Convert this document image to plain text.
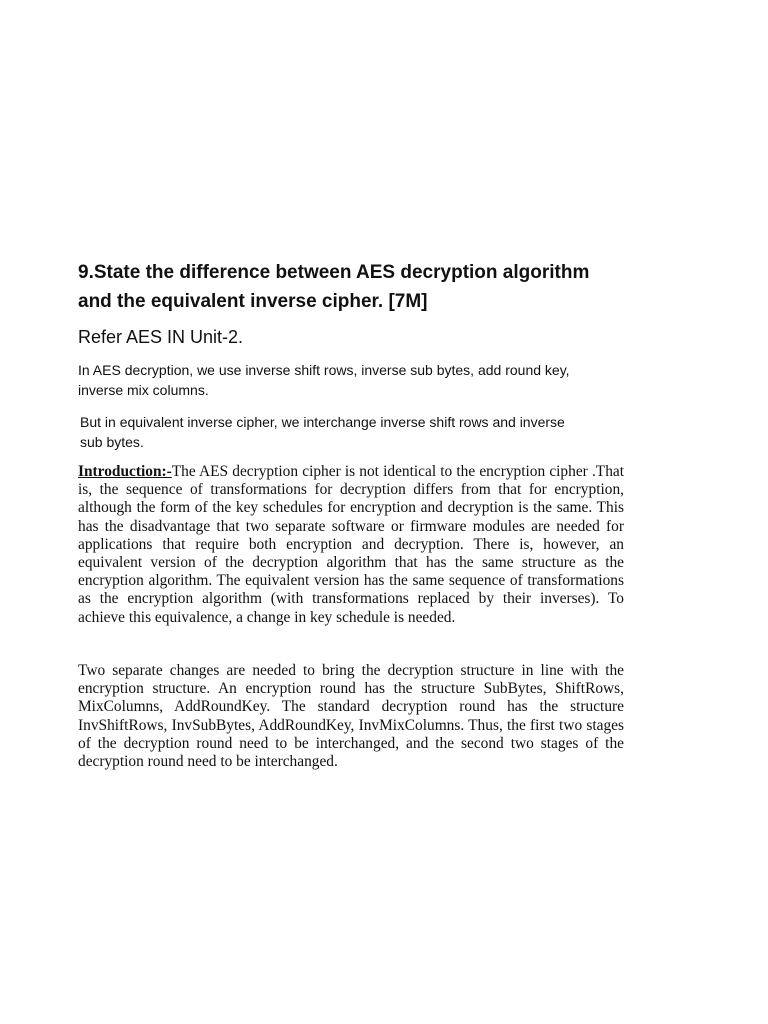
9.State the difference between AES decryption algorithm
and the equivalent inverse cipher. [7M]

Refer AES IN Unit-2.

In AES decryption, we use inverse shift rows, inverse sub bytes, add round key,
inverse mix columns.

But in equivalent inverse cipher, we interchange inverse shift rows and inverse
sub bytes.

Introduction:-The AES decryption cipher is not identical to the encryption cipher .That is, the sequence of transformations for decryption differs from that for encryption, although the form of the key schedules for encryption and decryption is the same. This has the disadvantage that two separate software or firmware modules are needed for applications that require both encryption and decryption. There is, however, an equivalent version of the decryption algorithm that has the same structure as the encryption algorithm. The equivalent version has the same sequence of transformations as the encryption algorithm (with transformations replaced by their inverses). To achieve this equivalence, a change in key schedule is needed.

Two separate changes are needed to bring the decryption structure in line with the encryption structure. An encryption round has the structure SubBytes, ShiftRows, MixColumns, AddRoundKey. The standard decryption round has the structure InvShiftRows, InvSubBytes, AddRoundKey, InvMixColumns. Thus, the first two stages of the decryption round need to be interchanged, and the second two stages of the decryption round need to be interchanged.
